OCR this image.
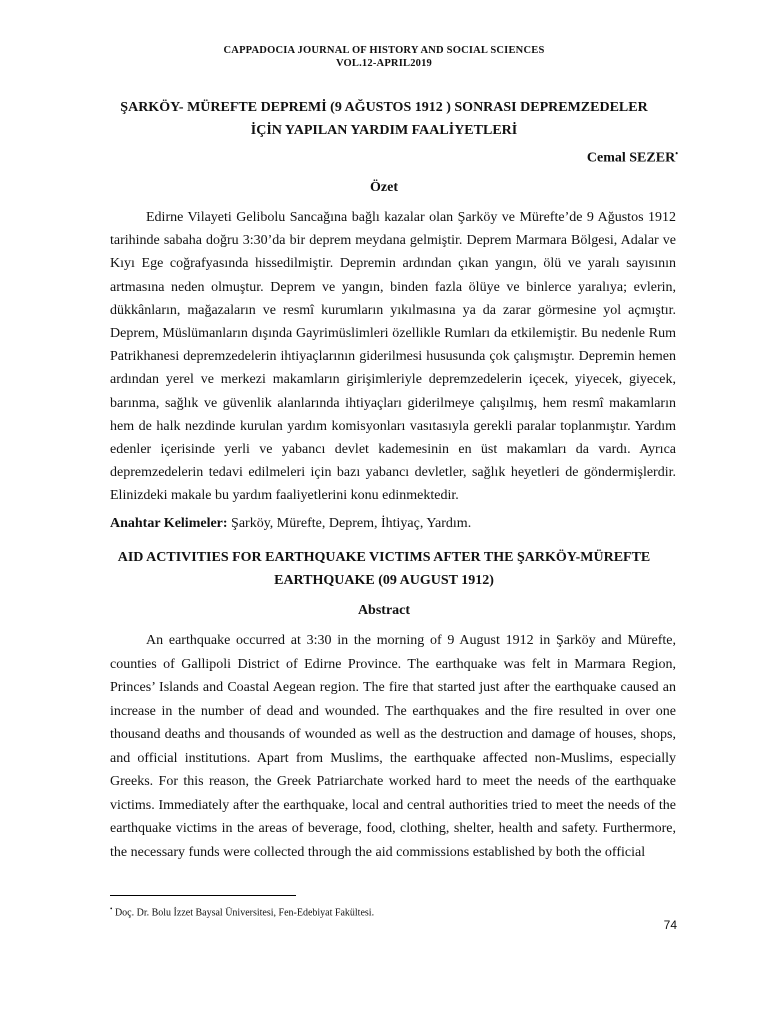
CAPPADOCIA JOURNAL OF HISTORY AND SOCIAL SCIENCES
VOL.12-APRIL2019
ŞARKÖY- MÜREFTE DEPREMİ (9 AĞUSTOS 1912 ) SONRASI DEPREMZEDELER
İÇİN YAPILAN YARDIM FAALİYETLERİ
Cemal SEZER•
Özet

Edirne Vilayeti Gelibolu Sancağına bağlı kazalar olan Şarköy ve Mürefte’de 9 Ağustos 1912 tarihinde sabaha doğru 3:30’da bir deprem meydana gelmiştir. Deprem Marmara Bölgesi, Adalar ve Kıyı Ege coğrafyasında hissedilmiştir. Depremin ardından çıkan yangın, ölü ve yaralı sayısının artmasına neden olmuştur. Deprem ve yangın, binden fazla ölüye ve binlerce yaralıya; evlerin, dükkânların, mağazaların ve resmî kurumların yıkılmasına ya da zarar görmesine yol açmıştır. Deprem, Müslümanların dışında Gayrimüslimleri özellikle Rumları da etkilemiştir. Bu nedenle Rum Patrikhanesi depremzedelerin ihtiyaçlarının giderilmesi hususunda çok çalışmıştır. Depremin hemen ardından yerel ve merkezi makamların girişimleriyle depremzedelerin içecek, yiyecek, giyecek, barınma, sağlık ve güvenlik alanlarında ihtiyaçları giderilmeye çalışılmış, hem resmî makamların hem de halk nezdinde kurulan yardım komisyonları vasıtasıyla gerekli paralar toplanmıştır. Yardım edenler içerisinde yerli ve yabancı devlet kademesinin en üst makamları da vardı. Ayrıca depremzedelerin tedavi edilmeleri için bazı yabancı devletler, sağlık heyetleri de göndermişlerdir. Elinizdeki makale bu yardım faaliyetlerini konu edinmektedir.

Anahtar Kelimeler: Şarköy, Mürefte, Deprem, İhtiyaç, Yardım.
AID ACTIVITIES FOR EARTHQUAKE VICTIMS AFTER THE ŞARKÖY-MÜREFTE
EARTHQUAKE (09 AUGUST 1912)
Abstract

An earthquake occurred at 3:30 in the morning of 9 August 1912 in Şarköy and Mürefte, counties of Gallipoli District of Edirne Province. The earthquake was felt in Marmara Region, Princes’ Islands and Coastal Aegean region. The fire that started just after the earthquake caused an increase in the number of dead and wounded. The earthquakes and the fire resulted in over one thousand deaths and thousands of wounded as well as the destruction and damage of houses, shops, and official institutions. Apart from Muslims, the earthquake affected non-Muslims, especially Greeks. For this reason, the Greek Patriarchate worked hard to meet the needs of the earthquake victims. Immediately after the earthquake, local and central authorities tried to meet the needs of the earthquake victims in the areas of beverage, food, clothing, shelter, health and safety. Furthermore, the necessary funds were collected through the aid commissions established by both the official

• Doç. Dr. Bolu İzzet Baysal Üniversitesi, Fen-Edebiyat Fakültesi.
74
